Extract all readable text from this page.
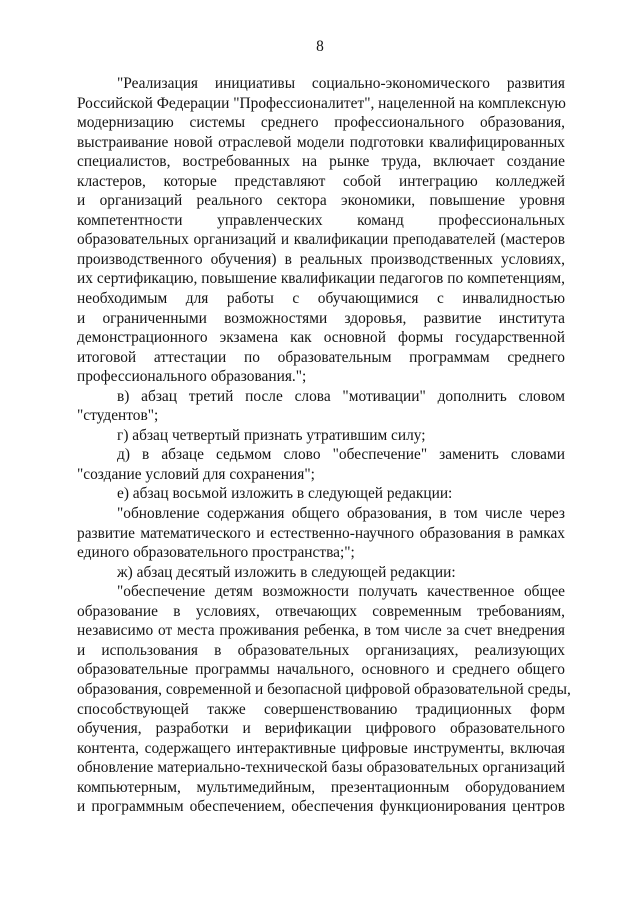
8
"Реализация инициативы социально-экономического развития
Российской Федерации "Профессионалитет", нацеленной на комплексную
модернизацию системы среднего профессионального образования,
выстраивание новой отраслевой модели подготовки квалифицированных
специалистов, востребованных на рынке труда, включает создание
кластеров, которые представляют собой интеграцию колледжей
и организаций реального сектора экономики, повышение уровня
компетентности управленческих команд профессиональных
образовательных организаций и квалификации преподавателей (мастеров
производственного обучения) в реальных производственных условиях,
их сертификацию, повышение квалификации педагогов по компетенциям,
необходимым для работы с обучающимися с инвалидностью
и ограниченными возможностями здоровья, развитие института
демонстрационного экзамена как основной формы государственной
итоговой аттестации по образовательным программам среднего
профессионального образования.";
в) абзац третий после слова "мотивации" дополнить словом
"студентов";
г) абзац четвертый признать утратившим силу;
д) в абзаце седьмом слово "обеспечение" заменить словами
"создание условий для сохранения";
е) абзац восьмой изложить в следующей редакции:
"обновление содержания общего образования, в том числе через
развитие математического и естественно-научного образования в рамках
единого образовательного пространства;";
ж) абзац десятый изложить в следующей редакции:
"обеспечение детям возможности получать качественное общее
образование в условиях, отвечающих современным требованиям,
независимо от места проживания ребенка, в том числе за счет внедрения
и использования в образовательных организациях, реализующих
образовательные программы начального, основного и среднего общего
образования, современной и безопасной цифровой образовательной среды,
способствующей также совершенствованию традиционных форм
обучения, разработки и верификации цифрового образовательного
контента, содержащего интерактивные цифровые инструменты, включая
обновление материально-технической базы образовательных организаций
компьютерным, мультимедийным, презентационным оборудованием
и программным обеспечением, обеспечения функционирования центров
